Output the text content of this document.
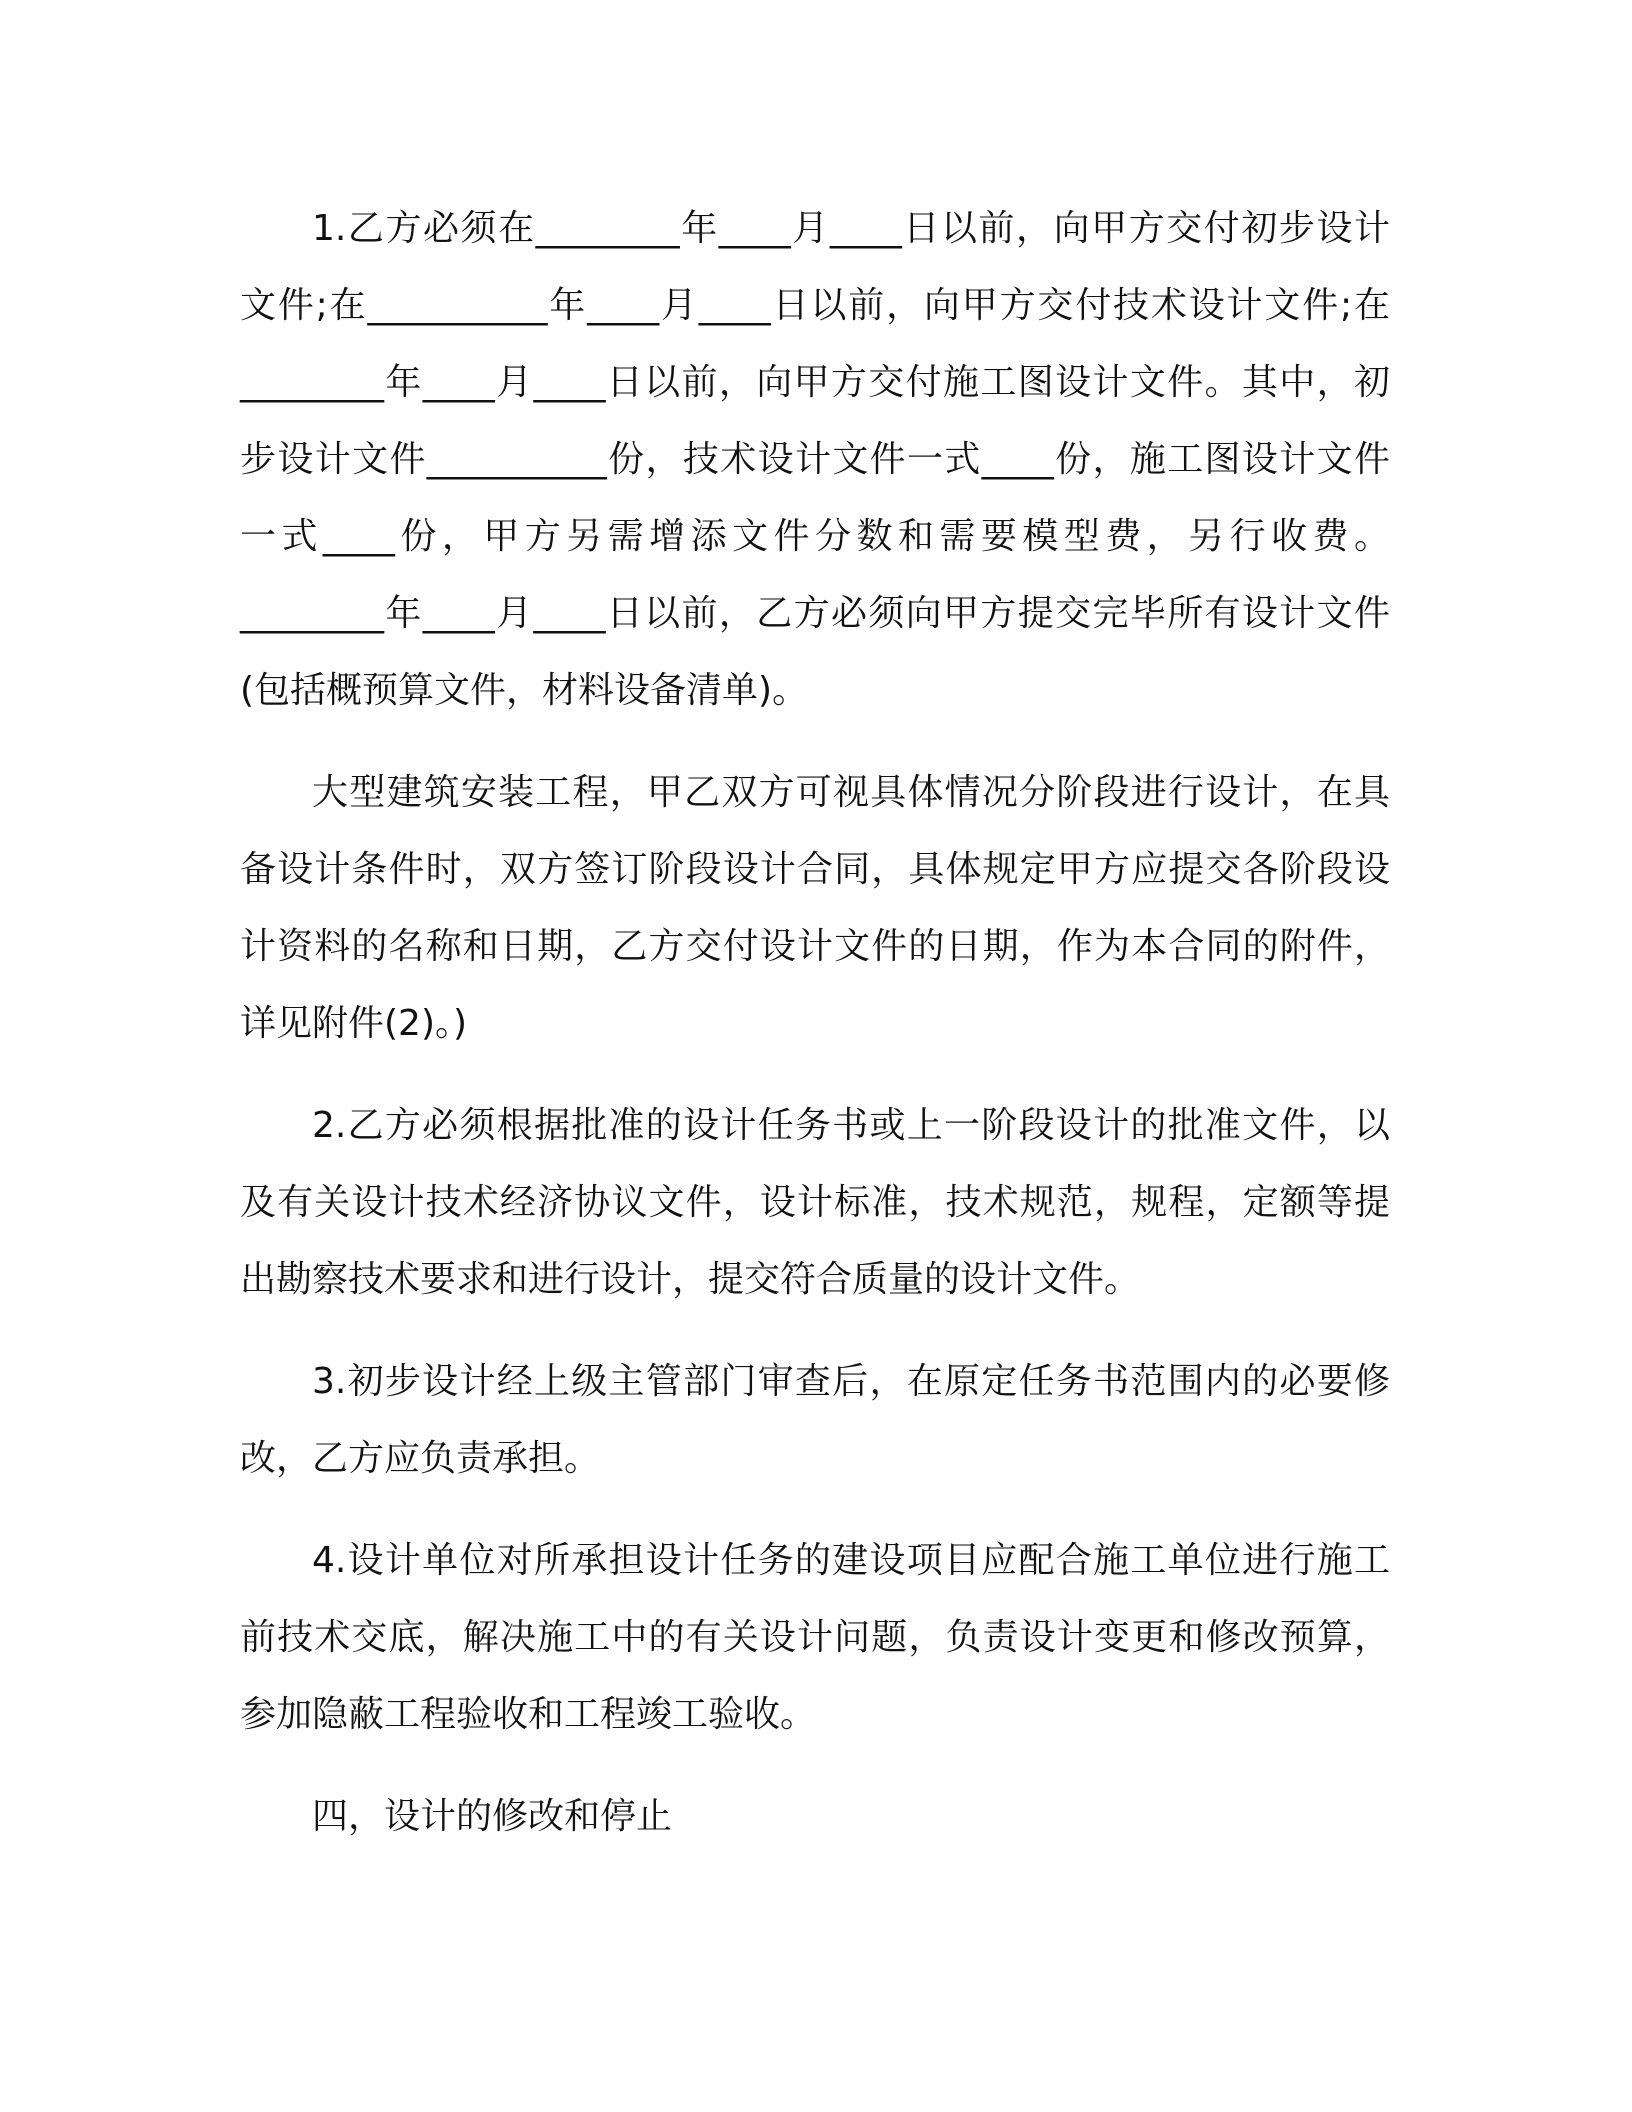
1.乙方必须在________年____月____日以前，向甲方交付初步设计文件;在__________年____月____日以前，向甲方交付技术设计文件;在________年____月____日以前，向甲方交付施工图设计文件。其中，初步设计文件__________份，技术设计文件一式____份，施工图设计文件一式____份，甲方另需增添文件分数和需要模型费，另行收费。________年____月____日以前，乙方必须向甲方提交完毕所有设计文件(包括概预算文件，材料设备清单)。

大型建筑安装工程，甲乙双方可视具体情况分阶段进行设计，在具备设计条件时，双方签订阶段设计合同，具体规定甲方应提交各阶段设计资料的名称和日期，乙方交付设计文件的日期，作为本合同的附件，详见附件(2)。)

2.乙方必须根据批准的设计任务书或上一阶段设计的批准文件，以及有关设计技术经济协议文件，设计标准，技术规范，规程，定额等提出勘察技术要求和进行设计，提交符合质量的设计文件。

3.初步设计经上级主管部门审查后，在原定任务书范围内的必要修改，乙方应负责承担。

4.设计单位对所承担设计任务的建设项目应配合施工单位进行施工前技术交底，解决施工中的有关设计问题，负责设计变更和修改预算，参加隐蔽工程验收和工程竣工验收。

四，设计的修改和停止
